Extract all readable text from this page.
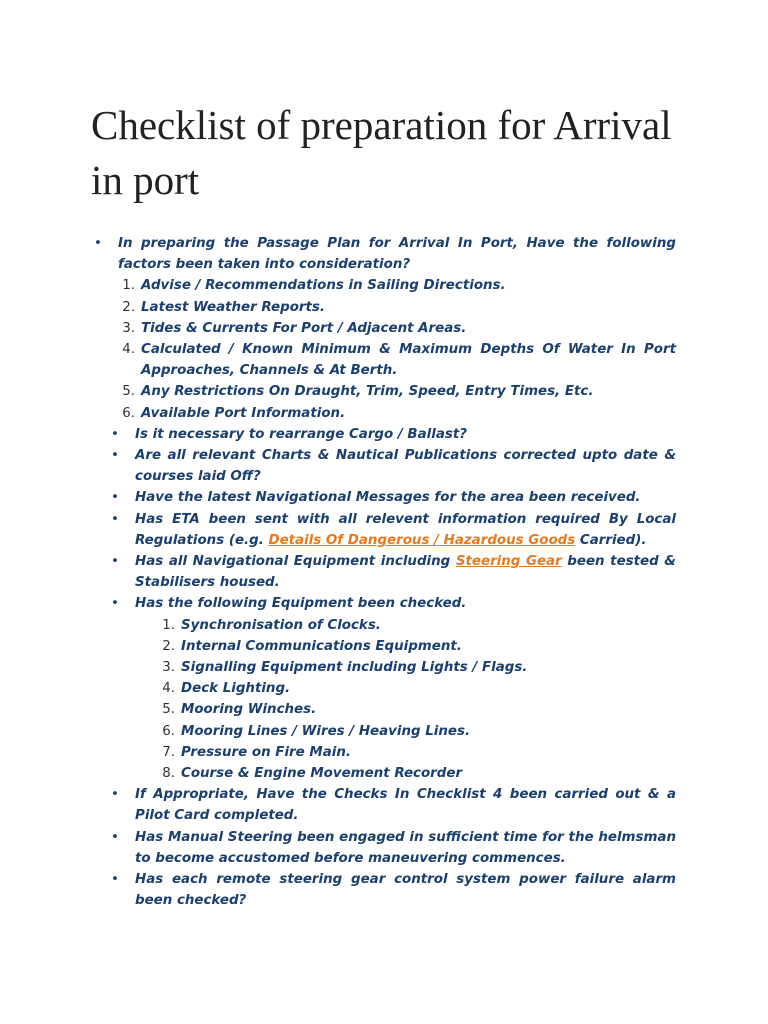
Checklist of preparation for Arrival in port
• In preparing the Passage Plan for Arrival In Port, Have the following factors been taken into consideration?
1. Advise / Recommendations in Sailing Directions.
2. Latest Weather Reports.
3. Tides & Currents For Port / Adjacent Areas.
4. Calculated / Known Minimum & Maximum Depths Of Water In Port Approaches, Channels & At Berth.
5. Any Restrictions On Draught, Trim, Speed, Entry Times, Etc.
6. Available Port Information.
• Is it necessary to rearrange Cargo / Ballast?
• Are all relevant Charts & Nautical Publications corrected upto date & courses laid Off?
• Have the latest Navigational Messages for the area been received.
• Has ETA been sent with all relevent information required By Local Regulations (e.g. Details Of Dangerous / Hazardous Goods Carried).
• Has all Navigational Equipment including Steering Gear been tested & Stabilisers housed.
• Has the following Equipment been checked.
1. Synchronisation of Clocks.
2. Internal Communications Equipment.
3. Signalling Equipment including Lights / Flags.
4. Deck Lighting.
5. Mooring Winches.
6. Mooring Lines / Wires / Heaving Lines.
7. Pressure on Fire Main.
8. Course & Engine Movement Recorder
• If Appropriate, Have the Checks In Checklist 4 been carried out & a Pilot Card completed.
• Has Manual Steering been engaged in sufficient time for the helmsman to become accustomed before maneuvering commences.
• Has each remote steering gear control system power failure alarm been checked?
